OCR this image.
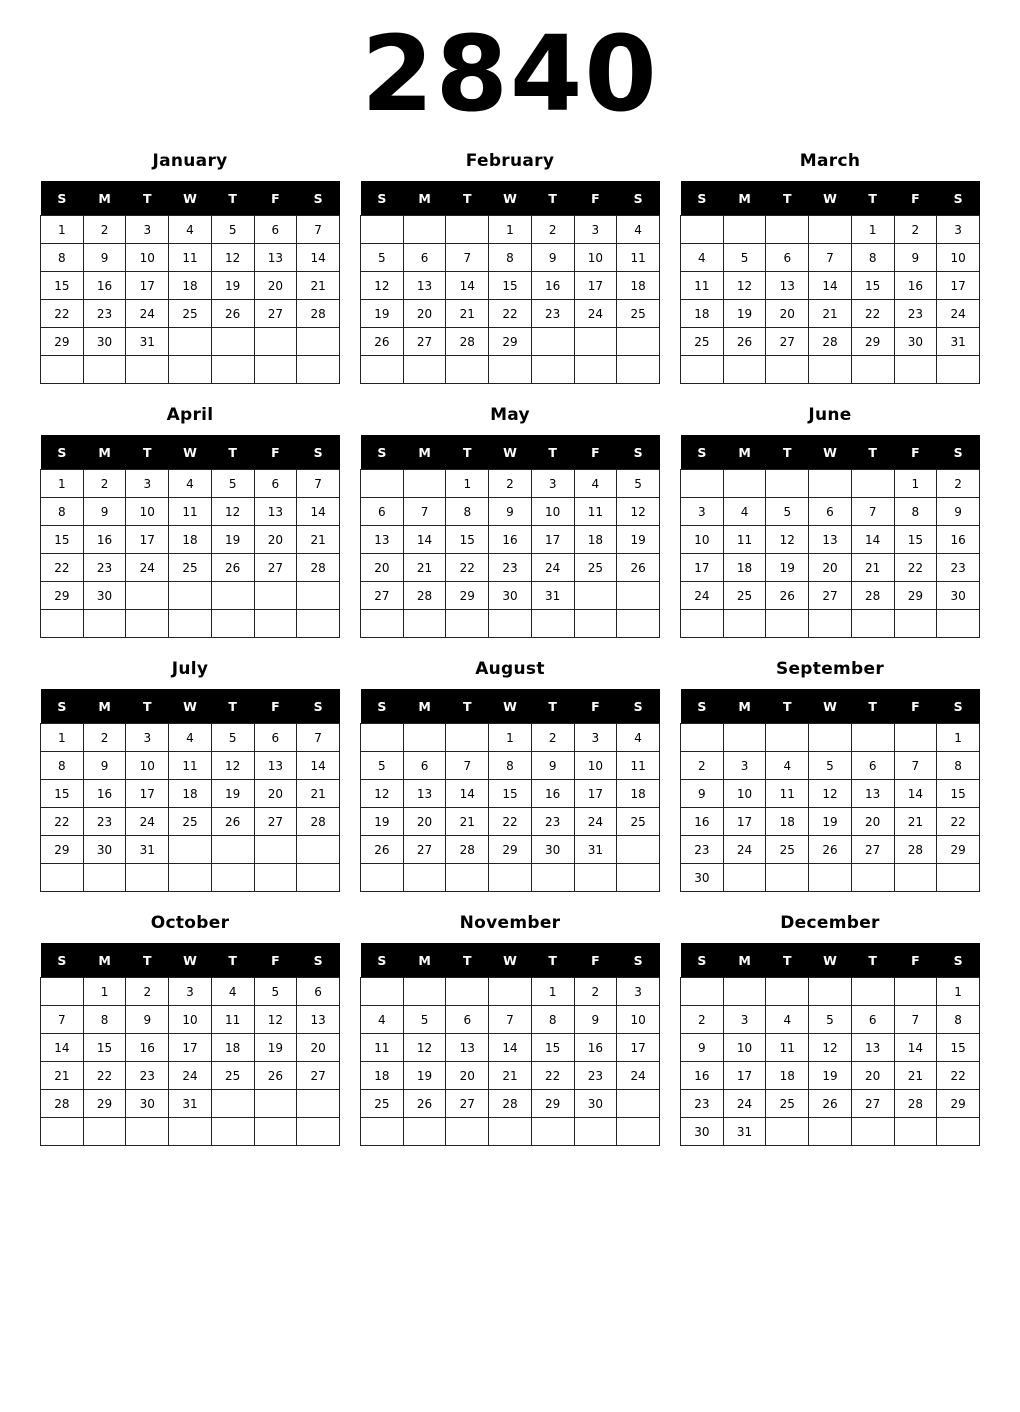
2840
January
S	M	T	W	T	F	S
1	2	3	4	5	6	7
8	9	10	11	12	13	14
15	16	17	18	19	20	21
22	23	24	25	26	27	28
29	30	31				

February
S	M	T	W	T	F	S
			1	2	3	4
5	6	7	8	9	10	11
12	13	14	15	16	17	18
19	20	21	22	23	24	25
26	27	28	29			

March
S	M	T	W	T	F	S
				1	2	3
4	5	6	7	8	9	10
11	12	13	14	15	16	17
18	19	20	21	22	23	24
25	26	27	28	29	30	31

April
S	M	T	W	T	F	S
1	2	3	4	5	6	7
8	9	10	11	12	13	14
15	16	17	18	19	20	21
22	23	24	25	26	27	28
29	30					

May
S	M	T	W	T	F	S
		1	2	3	4	5
6	7	8	9	10	11	12
13	14	15	16	17	18	19
20	21	22	23	24	25	26
27	28	29	30	31		

June
S	M	T	W	T	F	S
					1	2
3	4	5	6	7	8	9
10	11	12	13	14	15	16
17	18	19	20	21	22	23
24	25	26	27	28	29	30

July
S	M	T	W	T	F	S
1	2	3	4	5	6	7
8	9	10	11	12	13	14
15	16	17	18	19	20	21
22	23	24	25	26	27	28
29	30	31				

August
S	M	T	W	T	F	S
			1	2	3	4
5	6	7	8	9	10	11
12	13	14	15	16	17	18
19	20	21	22	23	24	25
26	27	28	29	30	31	

September
S	M	T	W	T	F	S
						1
2	3	4	5	6	7	8
9	10	11	12	13	14	15
16	17	18	19	20	21	22
23	24	25	26	27	28	29
30						
October
S	M	T	W	T	F	S
	1	2	3	4	5	6
7	8	9	10	11	12	13
14	15	16	17	18	19	20
21	22	23	24	25	26	27
28	29	30	31			

November
S	M	T	W	T	F	S
				1	2	3
4	5	6	7	8	9	10
11	12	13	14	15	16	17
18	19	20	21	22	23	24
25	26	27	28	29	30	

December
S	M	T	W	T	F	S
						1
2	3	4	5	6	7	8
9	10	11	12	13	14	15
16	17	18	19	20	21	22
23	24	25	26	27	28	29
30	31					
